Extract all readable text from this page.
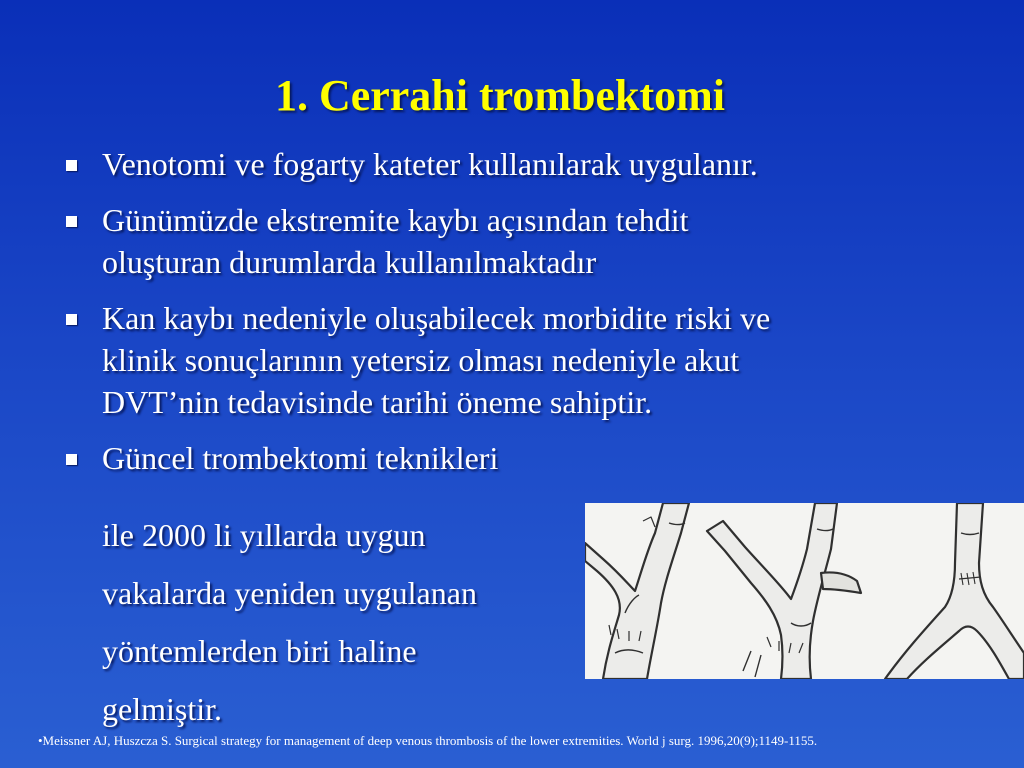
1. Cerrahi trombektomi
Venotomi ve fogarty kateter kullanılarak uygulanır.
Günümüzde ekstremite kaybı açısından tehdit
oluşturan durumlarda kullanılmaktadır
Kan kaybı nedeniyle oluşabilecek morbidite riski ve
klinik sonuçlarının yetersiz olması nedeniyle akut
DVT’nin tedavisinde tarihi öneme sahiptir.
Güncel trombektomi teknikleri
ile 2000 li yıllarda uygun
vakalarda yeniden uygulanan
yöntemlerden biri haline
gelmiştir.
•Meissner AJ, Huszcza S. Surgical strategy for management of deep venous thrombosis of the lower extremities. World j surg. 1996,20(9);1149-1155.
